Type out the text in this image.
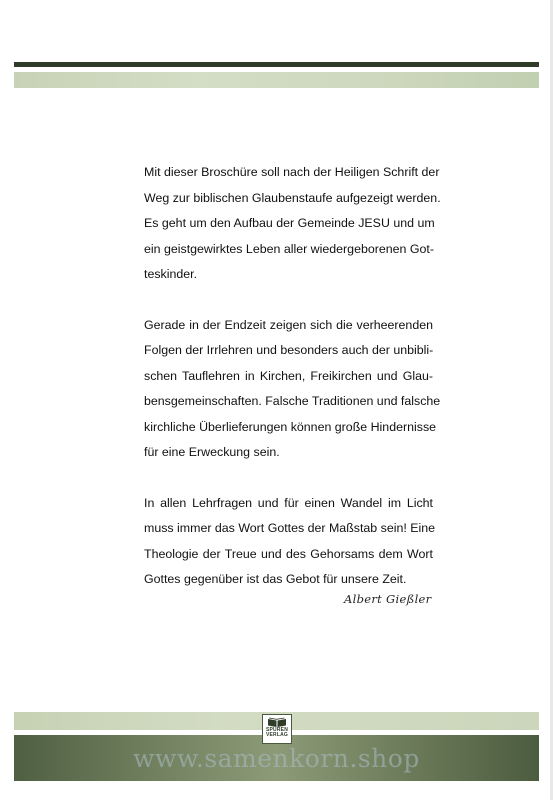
Mit dieser Broschüre soll nach der Heiligen Schrift der
Weg zur biblischen Glaubenstaufe aufgezeigt werden.
Es geht um den Aufbau der Gemeinde JESU und um
ein geistgewirktes Leben aller wiedergeborenen Got-
teskinder.

Gerade in der Endzeit zeigen sich die verheerenden
Folgen der Irrlehren und besonders auch der unbibli-
schen Tauflehren in Kirchen, Freikirchen und Glau-
bensgemeinschaften. Falsche Traditionen und falsche
kirchliche Überlieferungen können große Hindernisse
für eine Erweckung sein.

In allen Lehrfragen und für einen Wandel im Licht
muss immer das Wort Gottes der Maßstab sein! Eine
Theologie der Treue und des Gehorsams dem Wort
Gottes gegenüber ist das Gebot für unsere Zeit.

Albert Gießler
SPUREN
VERLAG
www.samenkorn.shop
